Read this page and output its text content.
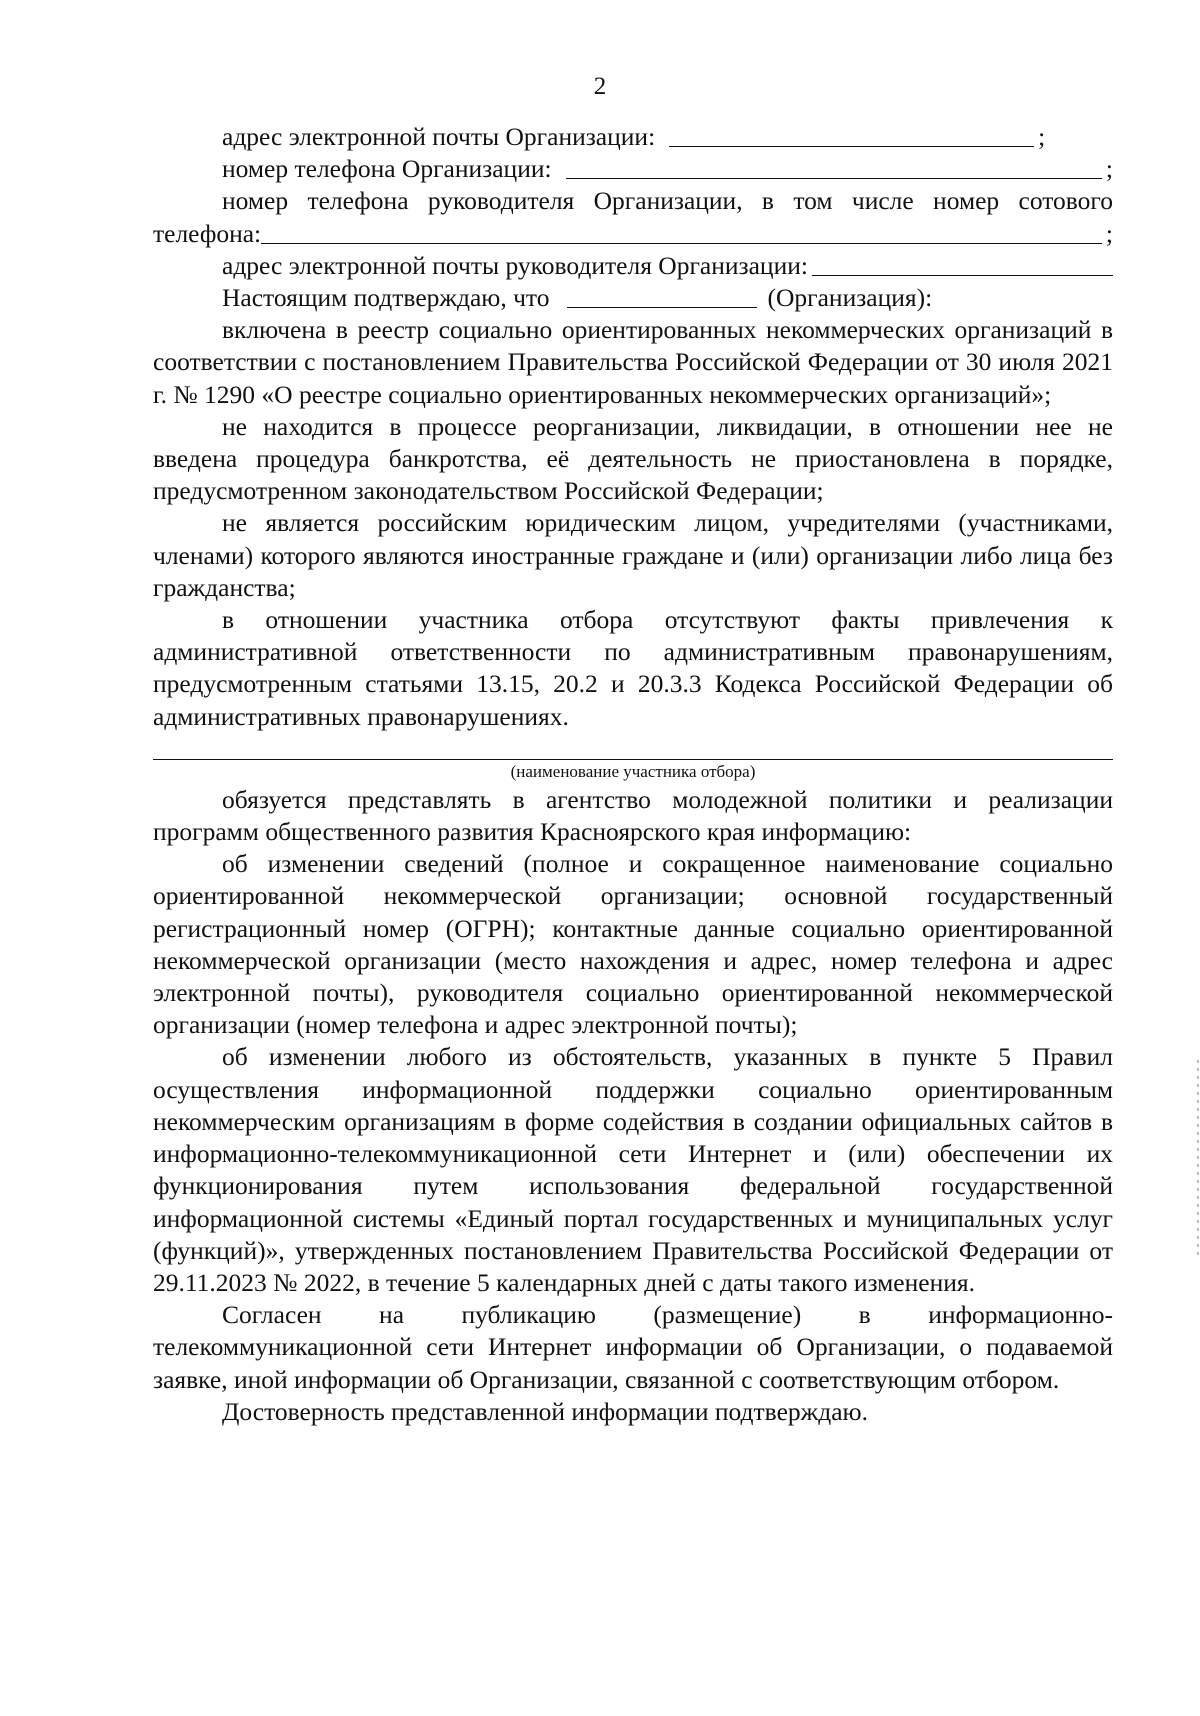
2
адрес электронной почты Организации:	;
номер телефона Организации:	;

номер телефона руководителя Организации, в том числе номер сотового

телефона:	;
адрес электронной почты руководителя Организации:
Настоящим подтверждаю, что	(Организация):

включена в реестр социально ориентированных некоммерческих организаций в соответствии с постановлением Правительства Российской Федерации от 30 июля 2021 г. № 1290 «О реестре социально ориентированных некоммерческих организаций»;

не находится в процессе реорганизации, ликвидации, в отношении нее не введена процедура банкротства, её деятельность не приостановлена в порядке, предусмотренном законодательством Российской Федерации;

не является российским юридическим лицом, учредителями (участниками, членами) которого являются иностранные граждане и (или) организации либо лица без гражданства;

в отношении участника отбора отсутствуют факты привлечения к административной ответственности по административным правонарушениям, предусмотренным статьями 13.15, 20.2 и 20.3.3 Кодекса Российской Федерации об административных правонарушениях.

(наименование участника отбора)

обязуется представлять в агентство молодежной политики и реализации программ общественного развития Красноярского края информацию:

об изменении сведений (полное и сокращенное наименование социально ориентированной некоммерческой организации; основной государственный регистрационный номер (ОГРН); контактные данные социально ориентированной некоммерческой организации (место нахождения и адрес, номер телефона и адрес электронной почты), руководителя социально ориентированной некоммерческой организации (номер телефона и адрес электронной почты);

об изменении любого из обстоятельств, указанных в пункте 5 Правил осуществления информационной поддержки социально ориентированным некоммерческим организациям в форме содействия в создании официальных сайтов в информационно-телекоммуникационной сети Интернет и (или) обеспечении их функционирования путем использования федеральной государственной информационной системы «Единый портал государственных и муниципальных услуг (функций)», утвержденных постановлением Правительства Российской Федерации от 29.11.2023 № 2022, в течение 5 календарных дней с даты такого изменения.

Согласен на публикацию (размещение) в информационно-телекоммуникационной сети Интернет информации об Организации, о подаваемой заявке, иной информации об Организации, связанной с соответствующим отбором.

Достоверность представленной информации подтверждаю.
